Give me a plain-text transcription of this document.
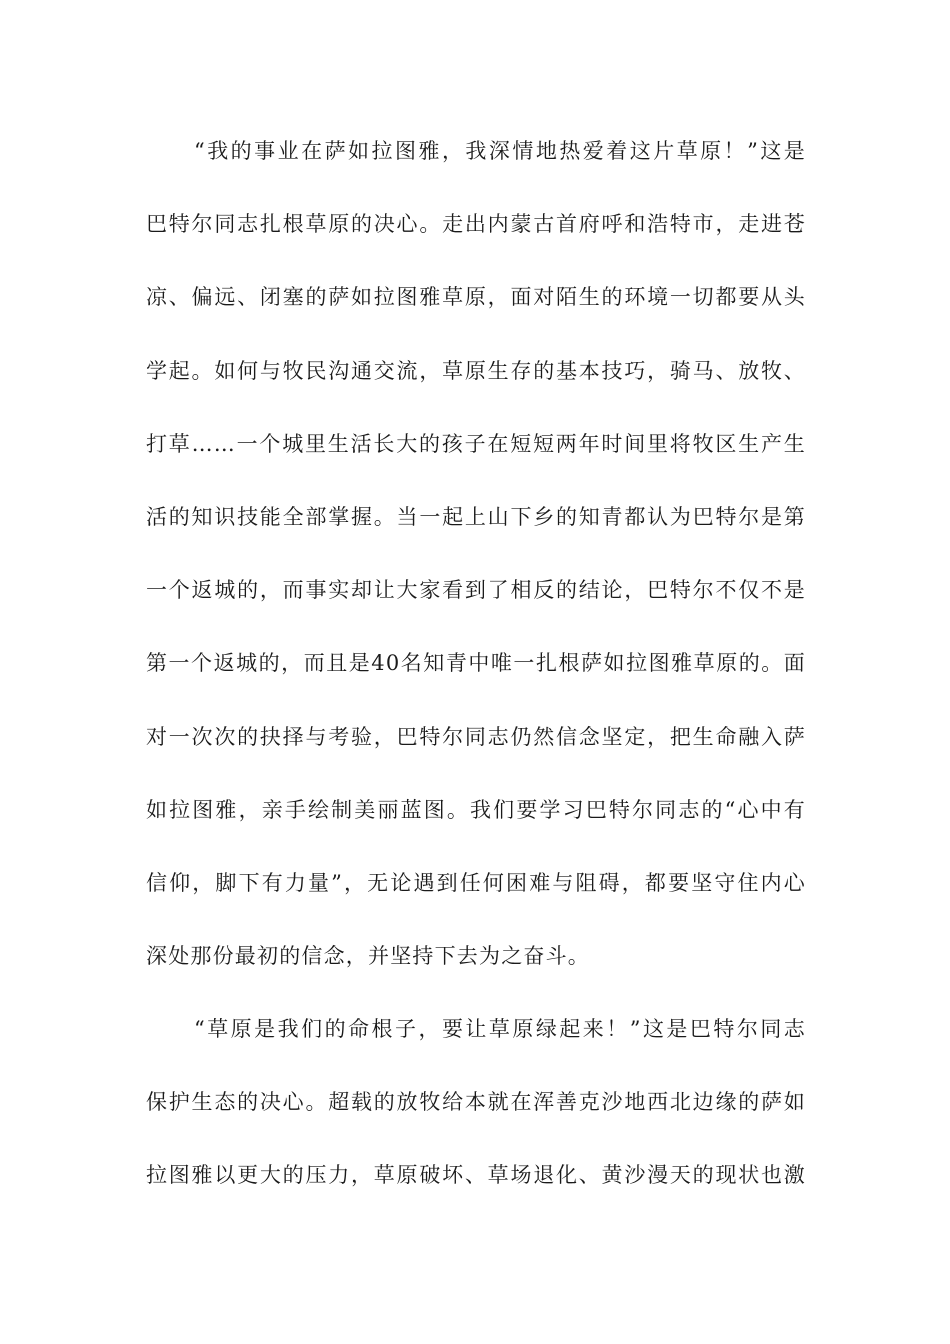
“我的事业在萨如拉图雅，我深情地热爱着这片草原！”这是
巴特尔同志扎根草原的决心。走出内蒙古首府呼和浩特市，走进苍
凉、偏远、闭塞的萨如拉图雅草原，面对陌生的环境一切都要从头
学起。如何与牧民沟通交流，草原生存的基本技巧，骑马、放牧、
打草……一个城里生活长大的孩子在短短两年时间里将牧区生产生
活的知识技能全部掌握。当一起上山下乡的知青都认为巴特尔是第
一个返城的，而事实却让大家看到了相反的结论，巴特尔不仅不是
第一个返城的，而且是40名知青中唯一扎根萨如拉图雅草原的。面
对一次次的抉择与考验，巴特尔同志仍然信念坚定，把生命融入萨
如拉图雅，亲手绘制美丽蓝图。我们要学习巴特尔同志的“心中有
信仰，脚下有力量”，无论遇到任何困难与阻碍，都要坚守住内心
深处那份最初的信念，并坚持下去为之奋斗。
“草原是我们的命根子，要让草原绿起来！”这是巴特尔同志
保护生态的决心。超载的放牧给本就在浑善克沙地西北边缘的萨如
拉图雅以更大的压力，草原破坏、草场退化、黄沙漫天的现状也激
